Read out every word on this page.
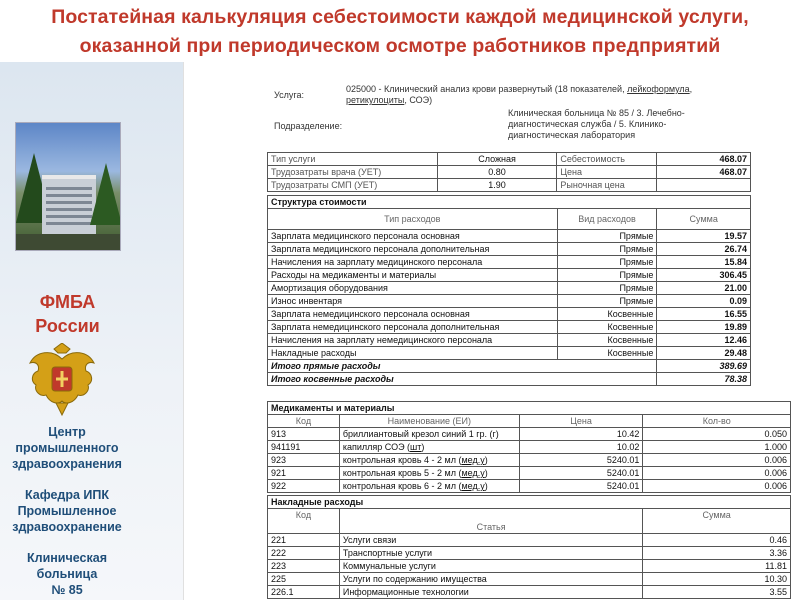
Постатейная калькуляция себестоимости каждой медицинской услуги,
оказанной при периодическом осмотре работников предприятий
ФМБА
России
Центр
промышленного
здравоохранения
Кафедра ИПК
Промышленное
здравоохранение
Клиническая
больница
№ 85
Услуга:
025000 - Клинический анализ крови развернутый (18 показателей, лейкоформула, ретикулоциты, СОЭ)
Подразделение:
Клиническая больница № 85 / 3. Лечебно-
диагностическая служба / 5. Клинико-
диагностическая лаборатория
Тип услуги	Сложная	Себестоимость	468.07
Трудозатраты врача (УЕТ)	0.80	Цена	468.07
Трудозатраты СМП (УЕТ)	1.90	Рыночная цена	
Структура стоимости		
Тип расходов	Вид расходов	Сумма
Зарплата медицинского персонала основная	Прямые	19.57
Зарплата медицинского персонала дополнительная	Прямые	26.74
Начисления на зарплату медицинского персонала	Прямые	15.84
Расходы на медикаменты и материалы	Прямые	306.45
Амортизация оборудования	Прямые	21.00
Износ инвентаря	Прямые	0.09
Зарплата немедицинского персонала основная	Косвенные	16.55
Зарплата немедицинского персонала дополнительная	Косвенные	19.89
Начисления на зарплату немедицинского персонала	Косвенные	12.46
Накладные расходы	Косвенные	29.48
Итого прямые расходы		389.69
Итого косвенные расходы		78.38
Медикаменты и материалы			
Код	Наименование (ЕИ)	Цена	Кол-во
913	бриллиантовый крезол синий 1 гр. (г)	10.42	0.050
941191	капилляр СОЭ (шт)	10.02	1.000
923	контрольная кровь 4 - 2 мл (мед.у)	5240.01	0.006
921	контрольная кровь 5 - 2 мл (мед.у)	5240.01	0.006
922	контрольная кровь 6 - 2 мл (мед.у)	5240.01	0.006
Накладные расходы		
Код	Статья	Сумма
221	Услуги связи	0.46
222	Транспортные услуги	3.36
223	Коммунальные услуги	11.81
225	Услуги по содержанию имущества	10.30
226.1	Информационные технологии	3.55
